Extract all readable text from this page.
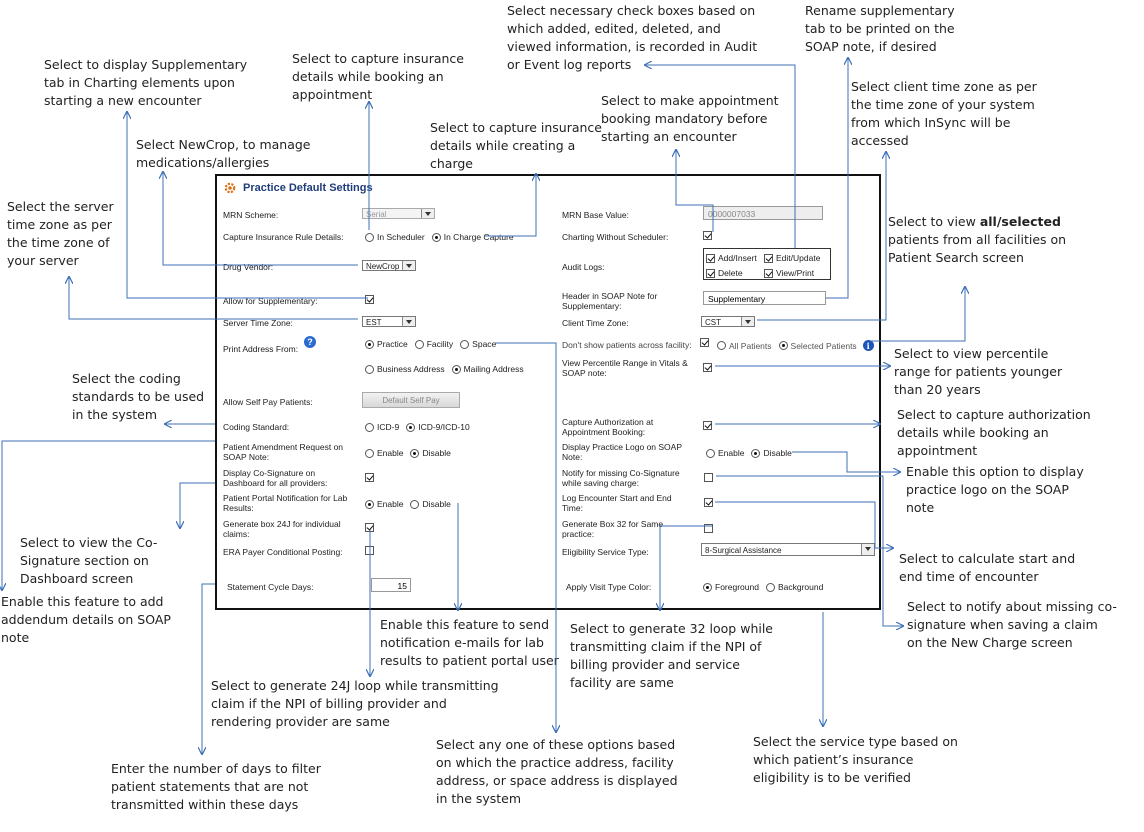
Select necessary check boxes based on which added, edited, deleted, and viewed information, is recorded in Audit or Event log reports

Rename supplementary tab to be printed on the SOAP note, if desired

Select to display Supplementary tab in Charting elements upon starting a new encounter

Select to capture insurance details while booking an appointment	Select to make appointment booking mandatory before starting an encounter

Select client time zone as per the time zone of your system from which InSync will be accessed

Select NewCrop, to manage medications/allergies

Select to capture insurance details while creating a charge

Select the server time zone as per the time zone of your server

Select to view all/selected patients from all facilities on Patient Search screen

Select to view percentile range for patients younger than 20 years

Select the coding standards to be used in the system	Select to capture authorization details while booking an appointment

Enable this option to display practice logo on the SOAP note

Select to view the Co-Signature section on Dashboard screen

Select to calculate start and end time of encounter

Enable this feature to add addendum details on SOAP note

Select to notify about missing co-signature when saving a claim on the New Charge screen

Enable this feature to send notification e-mails for lab results to patient portal user

Select to generate 32 loop while transmitting claim if the NPI of billing provider and service facility are same

Select to generate 24J loop while transmitting claim if the NPI of billing provider and rendering provider are same

Select any one of these options based on which the practice address, facility address, or space address is displayed in the system

Select the service type based on which patient’s insurance eligibility is to be verified

Enter the number of days to filter patient statements that are not transmitted within these days

Practice Default Settings

MRN Scheme:	Serial

Capture Insurance Rule Details:	In Scheduler In Charge Capture

Drug Vendor:	NewCrop

Allow for Supplementary:

Server Time Zone:	EST

Print Address From:

?	Practice Facility Space
Business Address Mailing Address

Allow Self Pay Patients:	Default Self Pay

Coding Standard:	ICD-9 ICD-9/ICD-10

Patient Amendment Request on SOAP Note:	Enable Disable

Display Co-Signature on Dashboard for all providers:

Patient Portal Notification for Lab Results:	Enable Disable

Generate box 24J for individual claims:

ERA Payer Conditional Posting:

Statement Cycle Days:	15

MRN Base Value:	0000007033

Charting Without Scheduler:

Audit Logs:

Add/Insert Edit/Update
Delete	View/Print

Header in SOAP Note for Supplementary:

Supplementary

Client Time Zone:	CST

Don't show patients across facility:	All Patients Selected Patients	i

View Percentile Range in Vitals & SOAP note:

Capture Authorization at Appointment Booking:

Display Practice Logo on SOAP Note:	Enable Disable

Notify for missing Co-Signature while saving charge:

Log Encounter Start and End Time:

Generate Box 32 for Same practice:

Eligibility Service Type:	8-Surgical Assistance

Apply Visit Type Color:	Foreground Background
